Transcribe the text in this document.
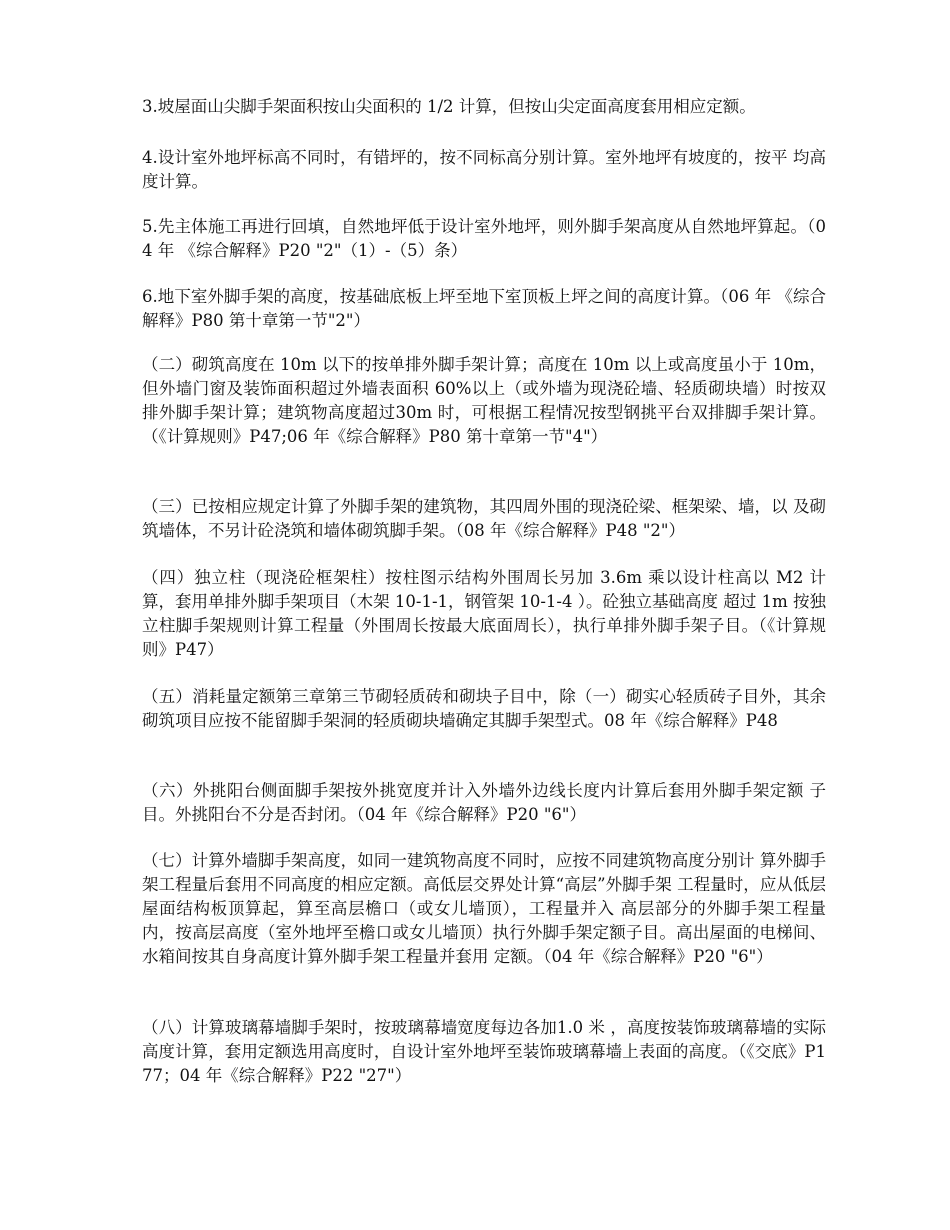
3.坡屋面山尖脚手架面积按山尖面积的 1/2 计算，但按山尖定面高度套用相应定额。

4.设计室外地坪标高不同时，有错坪的，按不同标高分别计算。室外地坪有坡度的，按平 均高度计算。

5.先主体施工再进行回填，自然地坪低于设计室外地坪，则外脚手架高度从自然地坪算起。（04 年 《综合解释》P20 "2"（1）-（5）条）

6.地下室外脚手架的高度，按基础底板上坪至地下室顶板上坪之间的高度计算。（06 年 《综合解释》P80 第十章第一节"2"）

（二）砌筑高度在 10m 以下的按单排外脚手架计算；高度在 10m 以上或高度虽小于 10m，但外墙门窗及装饰面积超过外墙表面积 60%以上（或外墙为现浇砼墙、轻质砌块墙）时按双排外脚手架计算；建筑物高度超过30m 时，可根据工程情况按型钢挑平台双排脚手架计算。（《计算规则》P47;06 年《综合解释》P80 第十章第一节"4"）

（三）已按相应规定计算了外脚手架的建筑物，其四周外围的现浇砼梁、框架梁、墙，以 及砌筑墙体，不另计砼浇筑和墙体砌筑脚手架。（08 年《综合解释》P48 "2"）

（四）独立柱（现浇砼框架柱）按柱图示结构外围周长另加 3.6m 乘以设计柱高以 M2 计算，套用单排外脚手架项目（木架 10-1-1，钢管架 10-1-4 ）。砼独立基础高度 超过 1m 按独立柱脚手架规则计算工程量（外围周长按最大底面周长），执行单排外脚手架子目。（《计算规则》P47）

（五）消耗量定额第三章第三节砌轻质砖和砌块子目中，除（一）砌实心轻质砖子目外，其余砌筑项目应按不能留脚手架洞的轻质砌块墙确定其脚手架型式。08 年《综合解释》P48

（六）外挑阳台侧面脚手架按外挑宽度并计入外墙外边线长度内计算后套用外脚手架定额 子目。外挑阳台不分是否封闭。（04 年《综合解释》P20 "6"）

（七）计算外墙脚手架高度，如同一建筑物高度不同时，应按不同建筑物高度分别计 算外脚手架工程量后套用不同高度的相应定额。高低层交界处计算“高层”外脚手架 工程量时，应从低层屋面结构板顶算起，算至高层檐口（或女儿墙顶），工程量并入 高层部分的外脚手架工程量内，按高层高度（室外地坪至檐口或女儿墙顶）执行外脚手架定额子目。高出屋面的电梯间、水箱间按其自身高度计算外脚手架工程量并套用 定额。（04 年《综合解释》P20 "6"）

（八）计算玻璃幕墙脚手架时，按玻璃幕墙宽度每边各加1.0 米 ，高度按装饰玻璃幕墙的实际高度计算，套用定额选用高度时，自设计室外地坪至装饰玻璃幕墙上表面的高度。（《交底》P177；04 年《综合解释》P22 "27"）
